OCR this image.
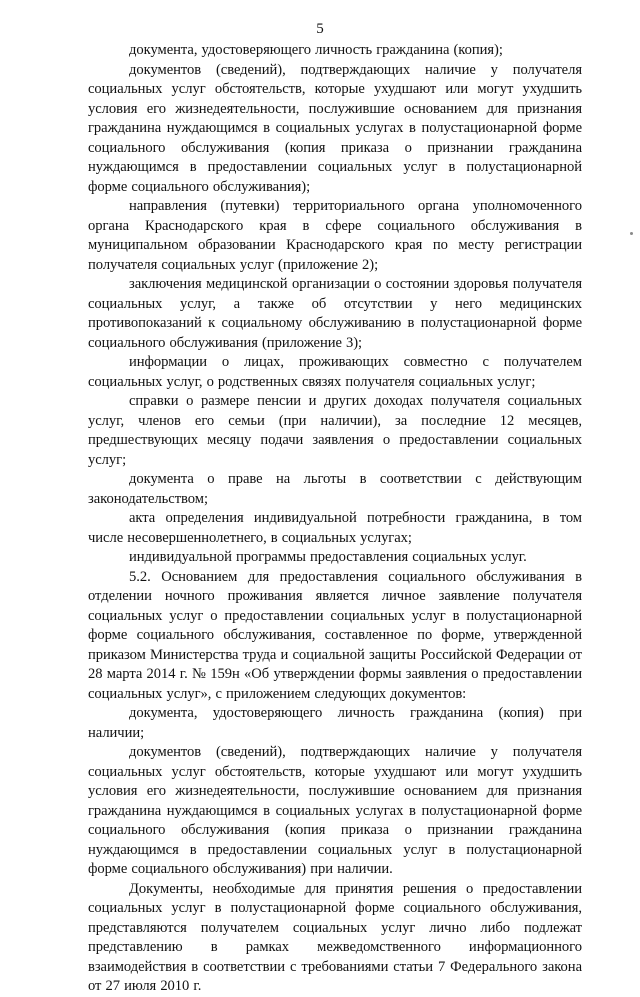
5

документа, удостоверяющего личность гражданина (копия);

документов (сведений), подтверждающих наличие у получателя социальных услуг обстоятельств, которые ухудшают или могут ухудшить условия его жизнедеятельности, послужившие основанием для признания гражданина нуждающимся в социальных услугах в полустационарной форме социального обслуживания (копия приказа о признании гражданина нуждающимся в предоставлении социальных услуг в полустационарной форме социального обслуживания);

направления (путевки) территориального органа уполномоченного органа Краснодарского края в сфере социального обслуживания в муниципальном образовании Краснодарского края по месту регистрации получателя социальных услуг (приложение 2);

заключения медицинской организации о состоянии здоровья получателя социальных услуг, а также об отсутствии у него медицинских противопоказаний к социальному обслуживанию в полустационарной форме социального обслуживания (приложение 3);

информации о лицах, проживающих совместно с получателем социальных услуг, о родственных связях получателя социальных услуг;

справки о размере пенсии и других доходах получателя социальных услуг, членов его семьи (при наличии), за последние 12 месяцев, предшествующих месяцу подачи заявления о предоставлении социальных услуг;

документа о праве на льготы в соответствии с действующим законодательством;

акта определения индивидуальной потребности гражданина, в том числе несовершеннолетнего, в социальных услугах;

индивидуальной программы предоставления социальных услуг.

5.2. Основанием для предоставления социального обслуживания в отделении ночного проживания является личное заявление получателя социальных услуг о предоставлении социальных услуг в полустационарной форме социального обслуживания, составленное по форме, утвержденной приказом Министерства труда и социальной защиты Российской Федерации от 28 марта 2014 г. № 159н «Об утверждении формы заявления о предоставлении социальных услуг», с приложением следующих документов:

документа, удостоверяющего личность гражданина (копия) при наличии;

документов (сведений), подтверждающих наличие у получателя социальных услуг обстоятельств, которые ухудшают или могут ухудшить условия его жизнедеятельности, послужившие основанием для признания гражданина нуждающимся в социальных услугах в полустационарной форме социального обслуживания (копия приказа о признании гражданина нуждающимся в предоставлении социальных услуг в полустационарной форме социального обслуживания) при наличии.

Документы, необходимые для принятия решения о предоставлении социальных услуг в полустационарной форме социального обслуживания, представляются получателем социальных услуг лично либо подлежат представлению в рамках межведомственного информационного взаимодействия в соответствии с требованиями статьи 7 Федерального закона от 27 июля 2010 г.
